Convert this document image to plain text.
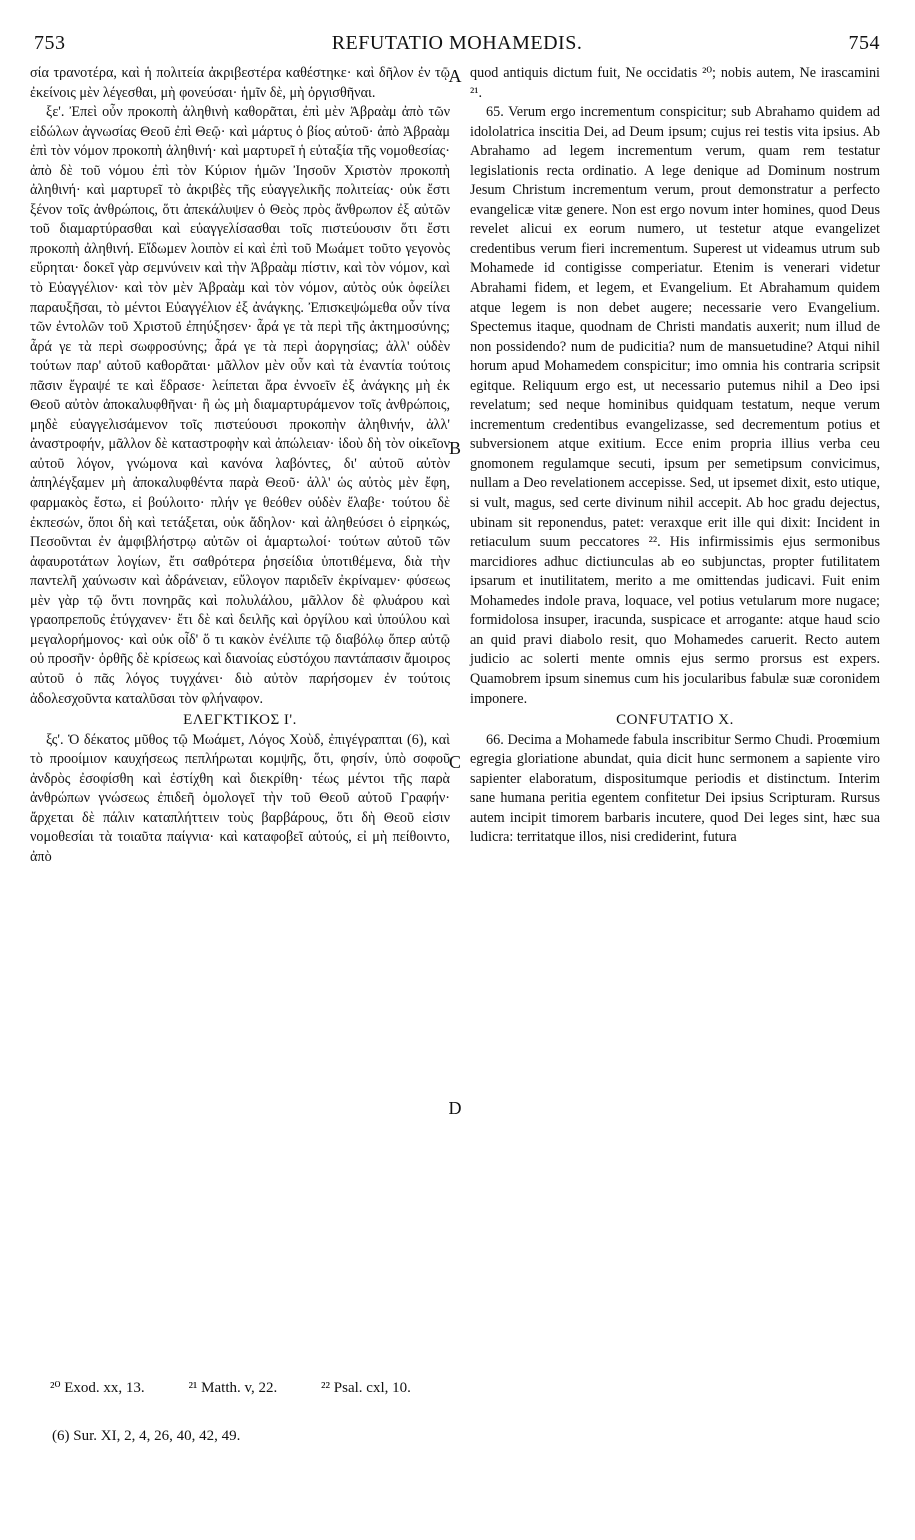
753	REFUTATIO MOHAMEDIS.	754

σία τρανοτέρα, καὶ ἡ πολιτεία ἀκριβεστέρα καθέστηκε· καὶ δῆλον ἐν τῷ ἐκείνοις μὲν λέγεσθαι, μὴ φονεύσαι· ἡμῖν δὲ, μὴ ὀργισθῆναι.

ξε'. Ἐπεὶ οὖν προκοπὴ ἀληθινὴ καθορᾶται, ἐπὶ μὲν Ἀβραὰμ ἀπὸ τῶν εἰδώλων ἀγνωσίας Θεοῦ ἐπὶ Θεῷ· καὶ μάρτυς ὁ βίος αὐτοῦ· ἀπὸ Ἀβραὰμ ἐπὶ τὸν νόμον προκοπὴ ἀληθινή· καὶ μαρτυρεῖ ἡ εὐταξία τῆς νομοθεσίας· ἀπὸ δὲ τοῦ νόμου ἐπὶ τὸν Κύριον ἡμῶν Ἰησοῦν Χριστὸν προκοπὴ ἀληθινή· καὶ μαρτυρεῖ τὸ ἀκριβὲς τῆς εὐαγγελικῆς πολιτείας· οὐκ ἔστι ξένον τοῖς ἀνθρώποις, ὅτι ἀπεκάλυψεν ὁ Θεὸς πρὸς ἄνθρωπον ἐξ αὐτῶν τοῦ διαμαρτύρασθαι καὶ εὐαγγελίσασθαι τοῖς πιστεύουσιν ὅτι ἔστι προκοπὴ ἀληθινή. Εἴδωμεν λοιπὸν εἰ καὶ ἐπὶ τοῦ Μωάμετ τοῦτο γεγονὸς εὕρηται· δοκεῖ γὰρ σεμνύνειν καὶ τὴν Ἀβραὰμ πίστιν, καὶ τὸν νόμον, καὶ τὸ Εὐαγγέλιον· καὶ τὸν μὲν Ἀβραὰμ καὶ τὸν νόμον, αὐτὸς οὐκ ὀφείλει παραυξῆσαι, τὸ μέντοι Εὐαγγέλιον ἐξ ἀνάγκης. Ἐπισκεψώμεθα οὖν τίνα τῶν ἐντολῶν τοῦ Χριστοῦ ἐπηύξησεν· ἆρά γε τὰ περὶ τῆς ἀκτημοσύνης; ἆρά γε τὰ περὶ σωφροσύνης; ἆρά γε τὰ περὶ ἀοργησίας; ἀλλ' οὐδὲν τούτων παρ' αὐτοῦ καθορᾶται· μᾶλλον μὲν οὖν καὶ τὰ ἐναντία τούτοις πᾶσιν ἔγραψέ τε καὶ ἔδρασε· λείπεται ἄρα ἐννοεῖν ἐξ ἀνάγκης μὴ ἐκ Θεοῦ αὐτὸν ἀποκαλυφθῆναι· ἢ ὡς μὴ διαμαρτυράμενον τοῖς ἀνθρώποις, μηδὲ εὐαγγελισάμενον τοῖς πιστεύουσι προκοπὴν ἀληθινήν, ἀλλ' ἀναστροφήν, μᾶλλον δὲ καταστροφὴν καὶ ἀπώλειαν· ἰδοὺ δὴ τὸν οἰκεῖον αὐτοῦ λόγον, γνώμονα καὶ κανόνα λαβόντες, δι' αὐτοῦ αὐτὸν ἀπηλέγξαμεν μὴ ἀποκαλυφθέντα παρὰ Θεοῦ· ἀλλ' ὡς αὐτὸς μὲν ἔφη, φαρμακὸς ἔστω, εἰ βούλοιτο· πλήν γε θεόθεν οὐδὲν ἔλαβε· τούτου δὲ ἐκπεσών, ὅποι δὴ καὶ τετάξεται, οὐκ ἄδηλον· καὶ ἀληθεύσει ὁ εἰρηκώς, Πεσοῦνται ἐν ἀμφιβλήστρῳ αὐτῶν οἱ ἁμαρτωλοί· τούτων αὐτοῦ τῶν ἀφαυροτάτων λογίων, ἔτι σαθρότερα ῥησείδια ὑποτιθέμενα, διὰ τὴν παντελῆ χαύνωσιν καὶ ἀδράνειαν, εὔλογον παριδεῖν ἐκρίναμεν· φύσεως μὲν γὰρ τῷ ὄντι πονηρᾶς καὶ πολυλάλου, μᾶλλον δὲ φλυάρου καὶ γραοπρεποῦς ἐτύγχανεν· ἔτι δὲ καὶ δειλῆς καὶ ὀργίλου καὶ ὑπούλου καὶ μεγαλορήμονος· καὶ οὐκ οἶδ' ὅ τι κακὸν ἐνέλιπε τῷ διαβόλῳ ὅπερ αὐτῷ οὐ προσῆν· ὀρθῆς δὲ κρίσεως καὶ διανοίας εὐστόχου παντάπασιν ἄμοιρος αὐτοῦ ὁ πᾶς λόγος τυγχάνει· διὸ αὐτὸν παρήσομεν ἐν τούτοις ἀδολεσχοῦντα καταλῦσαι τὸν φλήναφον.

ΕΛΕΓΚΤΙΚΟΣ Ι'.

ξς'. Ὁ δέκατος μῦθος τῷ Μωάμετ, Λόγος Χοὺδ, ἐπιγέγραπται (6), καὶ τὸ προοίμιον καυχήσεως πεπλήρωται κομψῆς, ὅτι, φησίν, ὑπὸ σοφοῦ ἀνδρὸς ἐσοφίσθη καὶ ἐστίχθη καὶ διεκρίθη· τέως μέντοι τῆς παρὰ ἀνθρώπων γνώσεως ἐπιδεῆ ὁμολογεῖ τὴν τοῦ Θεοῦ αὐτοῦ Γραφήν· ἄρχεται δὲ πάλιν καταπλήττειν τοὺς βαρβάρους, ὅτι δὴ Θεοῦ εἰσιν νομοθεσίαι τὰ τοιαῦτα παίγνια· καὶ καταφοβεῖ αὐτούς, εἰ μὴ πείθοιντο, ἀπὸ

A
B
C
D

quod antiquis dictum fuit, Ne occidatis ²⁰; nobis autem, Ne irascamini ²¹.

65. Verum ergo incrementum conspicitur; sub Abrahamo quidem ad idololatrica inscitia Dei, ad Deum ipsum; cujus rei testis vita ipsius. Ab Abrahamo ad legem incrementum verum, quam rem testatur legislationis recta ordinatio. A lege denique ad Dominum nostrum Jesum Christum incrementum verum, prout demonstratur a perfecto evangelicæ vitæ genere. Non est ergo novum inter homines, quod Deus revelet alicui ex eorum numero, ut testetur atque evangelizet credentibus verum fieri incrementum. Superest ut videamus utrum sub Mohamede id contigisse comperiatur. Etenim is venerari videtur Abrahami fidem, et legem, et Evangelium. Et Abrahamum quidem atque legem is non debet augere; necessarie vero Evangelium. Spectemus itaque, quodnam de Christi mandatis auxerit; num illud de non possidendo? num de pudicitia? num de mansuetudine? Atqui nihil horum apud Mohamedem conspicitur; imo omnia his contraria scripsit egitque. Reliquum ergo est, ut necessario putemus nihil a Deo ipsi revelatum; sed neque hominibus quidquam testatum, neque verum incrementum credentibus evangelizasse, sed decrementum potius et subversionem atque exitium. Ecce enim propria illius verba ceu gnomonem regulamque secuti, ipsum per semetipsum convicimus, nullam a Deo revelationem accepisse. Sed, ut ipsemet dixit, esto utique, si vult, magus, sed certe divinum nihil accepit. Ab hoc gradu dejectus, ubinam sit reponendus, patet: veraxque erit ille qui dixit: Incident in retiaculum suum peccatores ²². His infirmissimis ejus sermonibus marcidiores adhuc dictiunculas ab eo subjunctas, propter futilitatem ipsarum et inutilitatem, merito a me omittendas judicavi. Fuit enim Mohamedes indole prava, loquace, vel potius vetularum more nugace; formidolosa insuper, iracunda, suspicace et arrogante: atque haud scio an quid pravi diabolo resit, quo Mohamedes caruerit. Recto autem judicio ac solerti mente omnis ejus sermo prorsus est expers. Quamobrem ipsum sinemus cum his jocularibus fabulæ suæ coronidem imponere.

CONFUTATIO X.

66. Decima a Mohamede fabula inscribitur Sermo Chudi. Proœmium egregia gloriatione abundat, quia dicit hunc sermonem a sapiente viro sapienter elaboratum, dispositumque periodis et distinctum. Interim sane humana peritia egentem confitetur Dei ipsius Scripturam. Rursus autem incipit timorem barbaris incutere, quod Dei leges sint, hæc sua ludicra: territatque illos, nisi crediderint, futura

²⁰ Exod. xx, 13.	²¹ Matth. v, 22.	²² Psal. cxl, 10.
(6) Sur. XI, 2, 4, 26, 40, 42, 49.
